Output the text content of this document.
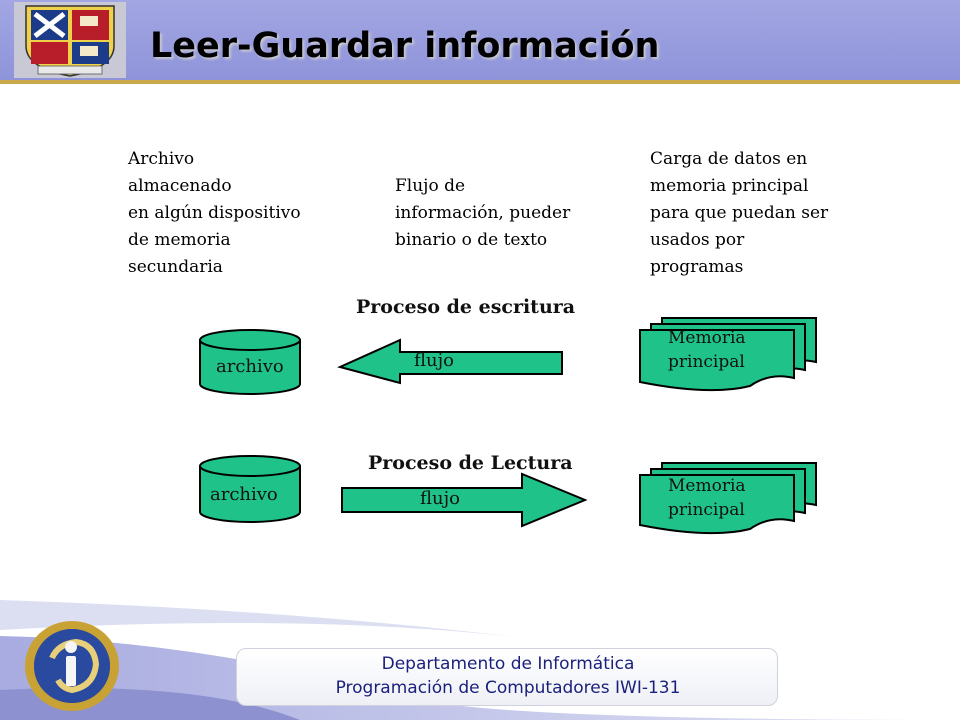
Leer-Guardar información
Archivo
almacenado
en algún dispositivo
de memoria
secundaria
Flujo de
información, pueder
binario o de texto
Carga de datos en
memoria principal
para que puedan ser
usados por
programas
Proceso de escritura
archivo	flujo
Memoria
principal
Proceso de Lectura
archivo	flujo
Memoria
principal
Departamento de Informática
Programación de Computadores IWI-131
